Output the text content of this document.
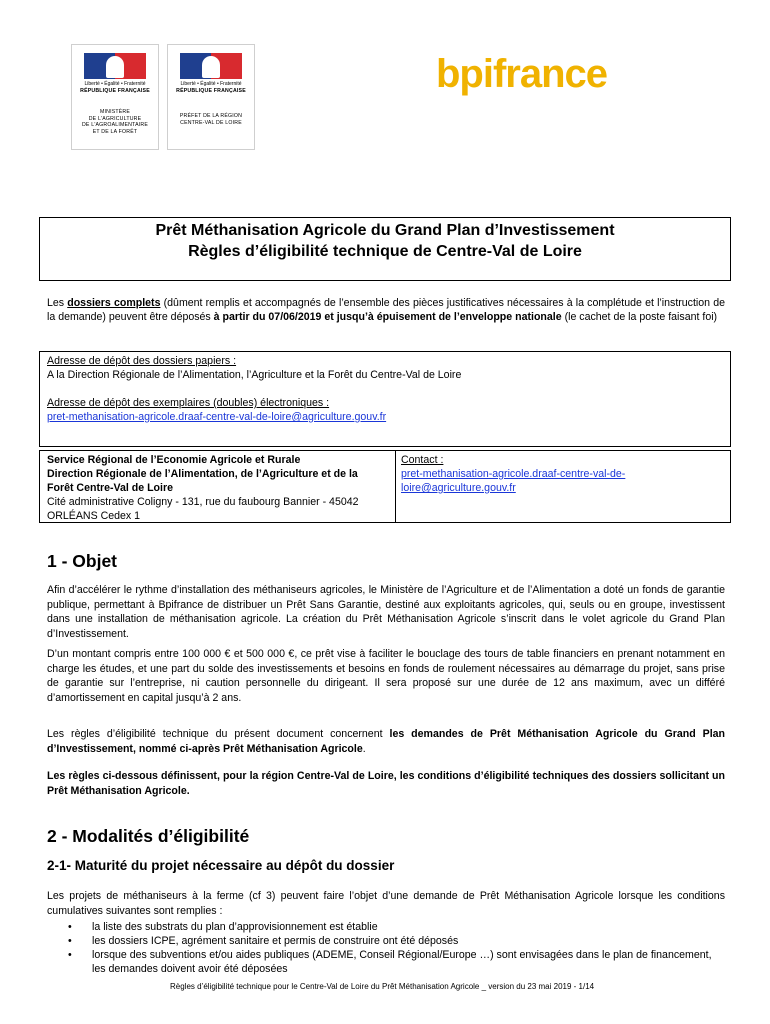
Liberté • Égalité • Fraternité
RÉPUBLIQUE FRANÇAISE
MINISTÈRE
DE L'AGRICULTURE
DE L'AGROALIMENTAIRE
ET DE LA FORÊT
Liberté • Égalité • Fraternité
RÉPUBLIQUE FRANÇAISE
PRÉFET DE LA RÉGION
CENTRE-VAL DE LOIRE
bpifrance
Prêt Méthanisation Agricole du Grand Plan d’Investissement
Règles d’éligibilité technique de Centre-Val de Loire
Les dossiers complets (dûment remplis et accompagnés de l’ensemble des pièces justificatives nécessaires à la complétude et l’instruction de la demande) peuvent être déposés à partir du 07/06/2019 et jusqu’à épuisement de l’enveloppe nationale (le cachet de la poste faisant foi)
Adresse de dépôt des dossiers papiers :
A la Direction Régionale de l’Alimentation, l’Agriculture et la Forêt du Centre-Val de Loire
Adresse de dépôt des exemplaires (doubles) électroniques :
pret-methanisation-agricole.draaf-centre-val-de-loire@agriculture.gouv.fr
Service Régional de l’Economie Agricole et Rurale
Direction Régionale de l’Alimentation, de l’Agriculture et de la Forêt Centre-Val de Loire
Cité administrative Coligny - 131, rue du faubourg Bannier - 45042 ORLÉANS Cedex 1
Contact :
pret-methanisation-agricole.draaf-centre-val-de-loire@agriculture.gouv.fr
1 - Objet
Afin d’accélérer le rythme d’installation des méthaniseurs agricoles, le Ministère de l’Agriculture et de l’Alimentation a doté un fonds de garantie publique, permettant à Bpifrance de distribuer un Prêt Sans Garantie, destiné aux exploitants agricoles, qui, seuls ou en groupe, investissent dans une installation de méthanisation agricole. La création du Prêt Méthanisation Agricole s’inscrit dans le volet agricole du Grand Plan d’Investissement.
D’un montant compris entre 100 000 € et 500 000 €, ce prêt vise à faciliter le bouclage des tours de table financiers en prenant notamment en charge les études, et une part du solde des investissements et besoins en fonds de roulement nécessaires au démarrage du projet, sans prise de garantie sur l’entreprise, ni caution personnelle du dirigeant. Il sera proposé sur une durée de 12 ans maximum, avec un différé d’amortissement en capital jusqu’à 2 ans.
Les règles d’éligibilité technique du présent document concernent les demandes de Prêt Méthanisation Agricole du Grand Plan d’Investissement, nommé ci-après Prêt Méthanisation Agricole.
Les règles ci-dessous définissent, pour la région Centre-Val de Loire, les conditions d’éligibilité techniques des dossiers sollicitant un Prêt Méthanisation Agricole.
2 - Modalités d’éligibilité
2-1- Maturité du projet nécessaire au dépôt du dossier
Les projets de méthaniseurs à la ferme (cf 3) peuvent faire l’objet d’une demande de Prêt Méthanisation Agricole lorsque les conditions cumulatives suivantes sont remplies :
• la liste des substrats du plan d’approvisionnement est établie
• les dossiers ICPE, agrément sanitaire et permis de construire ont été déposés
• lorsque des subventions et/ou aides publiques (ADEME, Conseil Régional/Europe …) sont envisagées dans le plan de financement, les demandes doivent avoir été déposées
Règles d’éligibilité technique pour le Centre-Val de Loire du Prêt Méthanisation Agricole _ version du 23 mai 2019 - 1/14
